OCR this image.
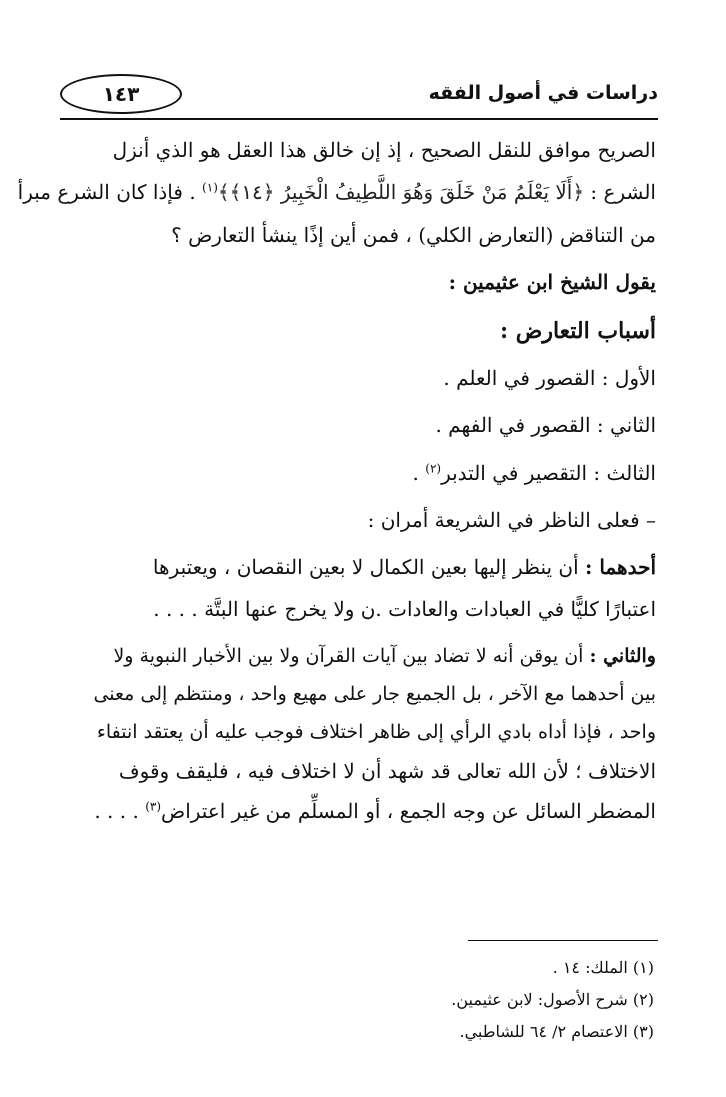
دراسات في أصول الفقه
١٤٣
الصريح موافق للنقل الصحيح ، إذ إن خالق هذا العقل هو الذي أنزل
الشرع : ﴿أَلَا يَعْلَمُ مَنْ خَلَقَ وَهُوَ اللَّطِيفُ الْخَبِيرُ ﴿١٤﴾﴾$^{(١)}$ . فإذا كان الشرع مبرأ
من التناقض (التعارض الكلي) ، فمن أين إذًا ينشأ التعارض ؟
يقول الشيخ ابن عثيمين :
أسباب التعارض :
الأول : القصور في العلم .
الثاني : القصور في الفهم .
الثالث : التقصير في التدبر$^{(٢)}$ .
– فعلى الناظر في الشريعة أمران :
أحدهما : أن ينظر إليها بعين الكمال لا بعين النقصان ، ويعتبرها
اعتبارًا كليًّا في العبادات والعادات .ن ولا يخرج عنها البتَّة . . . .
والثاني : أن يوقن أنه لا تضاد بين آيات القرآن ولا بين الأخبار النبوية ولا
بين أحدهما مع الآخر ، بل الجميع جار على مهيع واحد ، ومنتظم إلى معنى
واحد ، فإذا أداه بادي الرأي إلى ظاهر اختلاف فوجب عليه أن يعتقد انتفاء
الاختلاف ؛ لأن الله تعالى قد شهد أن لا اختلاف فيه ، فليقف وقوف
المضطر السائل عن وجه الجمع ، أو المسلِّم من غير اعتراض$^{(٣)}$ . . . .
(١) الملك: ١٤ .
(٢) شرح الأصول: لابن عثيمين.
(٣) الاعتصام ٢/ ٦٤ للشاطبي.
